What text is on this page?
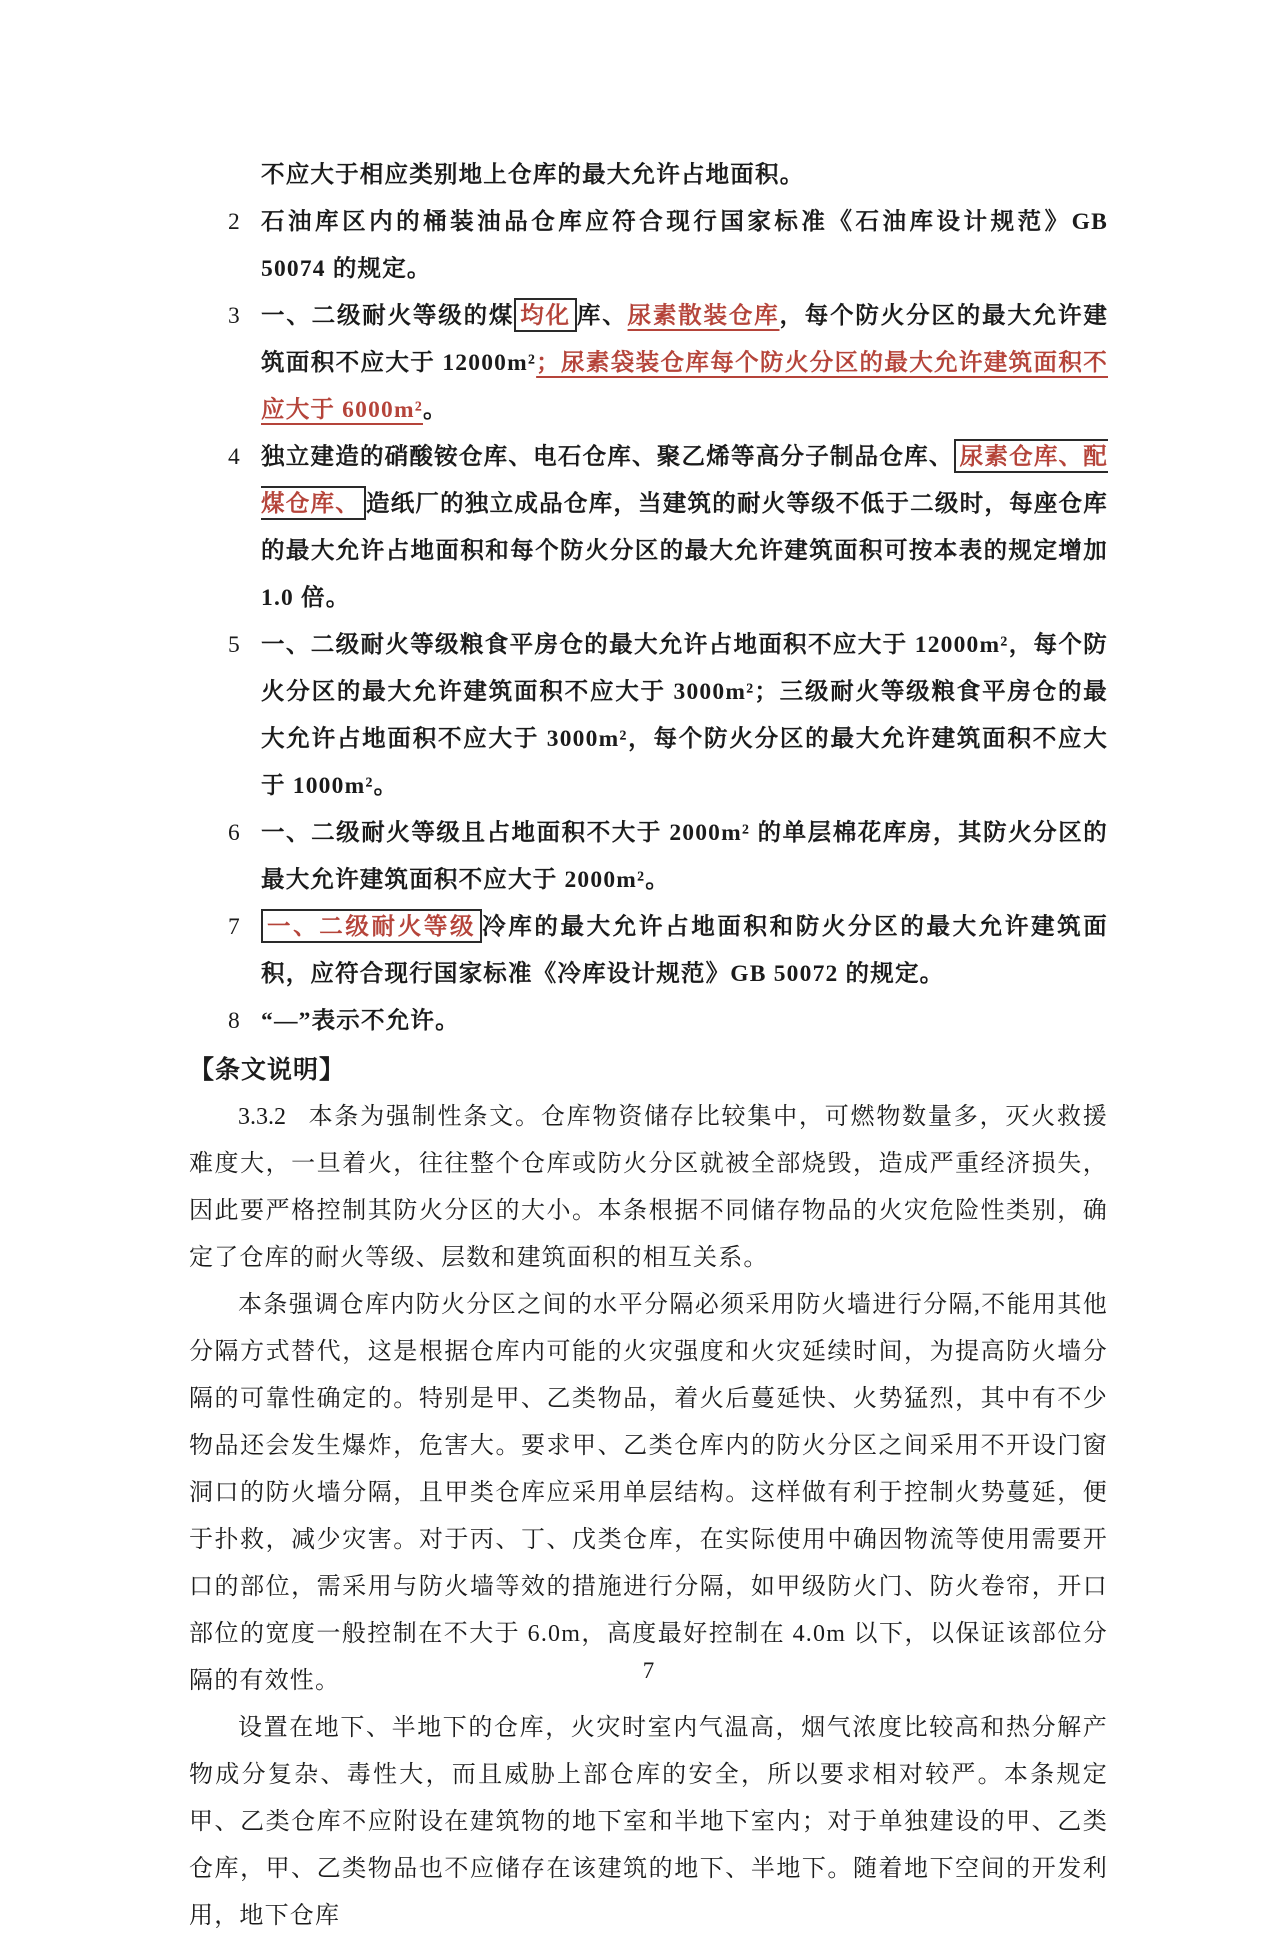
不应大于相应类别地上仓库的最大允许占地面积。
2 石油库区内的桶装油品仓库应符合现行国家标准《石油库设计规范》GB 50074 的规定。
3 一、二级耐火等级的煤 均化 库、尿素散装仓库，每个防火分区的最大允许建筑面积不应大于 12000m²；尿素袋装仓库每个防火分区的最大允许建筑面积不应大于 6000m²。
4 独立建造的硝酸铵仓库、电石仓库、聚乙烯等高分子制品仓库、 尿素仓库、配煤仓库、 造纸厂的独立成品仓库，当建筑的耐火等级不低于二级时，每座仓库的最大允许占地面积和每个防火分区的最大允许建筑面积可按本表的规定增加 1.0 倍。
5 一、二级耐火等级粮食平房仓的最大允许占地面积不应大于 12000m²，每个防火分区的最大允许建筑面积不应大于 3000m²；三级耐火等级粮食平房仓的最大允许占地面积不应大于 3000m²，每个防火分区的最大允许建筑面积不应大于 1000m²。
6 一、二级耐火等级且占地面积不大于 2000m² 的单层棉花库房，其防火分区的最大允许建筑面积不应大于 2000m²。
7 一、二级耐火等级 冷库的最大允许占地面积和防火分区的最大允许建筑面积，应符合现行国家标准《冷库设计规范》GB 50072 的规定。
8 “—”表示不允许。
【条文说明】
3.3.2 本条为强制性条文。仓库物资储存比较集中，可燃物数量多，灭火救援难度大，一旦着火，往往整个仓库或防火分区就被全部烧毁，造成严重经济损失，因此要严格控制其防火分区的大小。本条根据不同储存物品的火灾危险性类别，确定了仓库的耐火等级、层数和建筑面积的相互关系。
本条强调仓库内防火分区之间的水平分隔必须采用防火墙进行分隔,不能用其他分隔方式替代，这是根据仓库内可能的火灾强度和火灾延续时间，为提高防火墙分隔的可靠性确定的。特别是甲、乙类物品，着火后蔓延快、火势猛烈，其中有不少物品还会发生爆炸，危害大。要求甲、乙类仓库内的防火分区之间采用不开设门窗洞口的防火墙分隔，且甲类仓库应采用单层结构。这样做有利于控制火势蔓延，便于扑救，减少灾害。对于丙、丁、戊类仓库，在实际使用中确因物流等使用需要开口的部位，需采用与防火墙等效的措施进行分隔，如甲级防火门、防火卷帘，开口部位的宽度一般控制在不大于 6.0m，高度最好控制在 4.0m 以下，以保证该部位分隔的有效性。
设置在地下、半地下的仓库，火灾时室内气温高，烟气浓度比较高和热分解产物成分复杂、毒性大，而且威胁上部仓库的安全，所以要求相对较严。本条规定甲、乙类仓库不应附设在建筑物的地下室和半地下室内；对于单独建设的甲、乙类仓库，甲、乙类物品也不应储存在该建筑的地下、半地下。随着地下空间的开发利用，地下仓库
7
